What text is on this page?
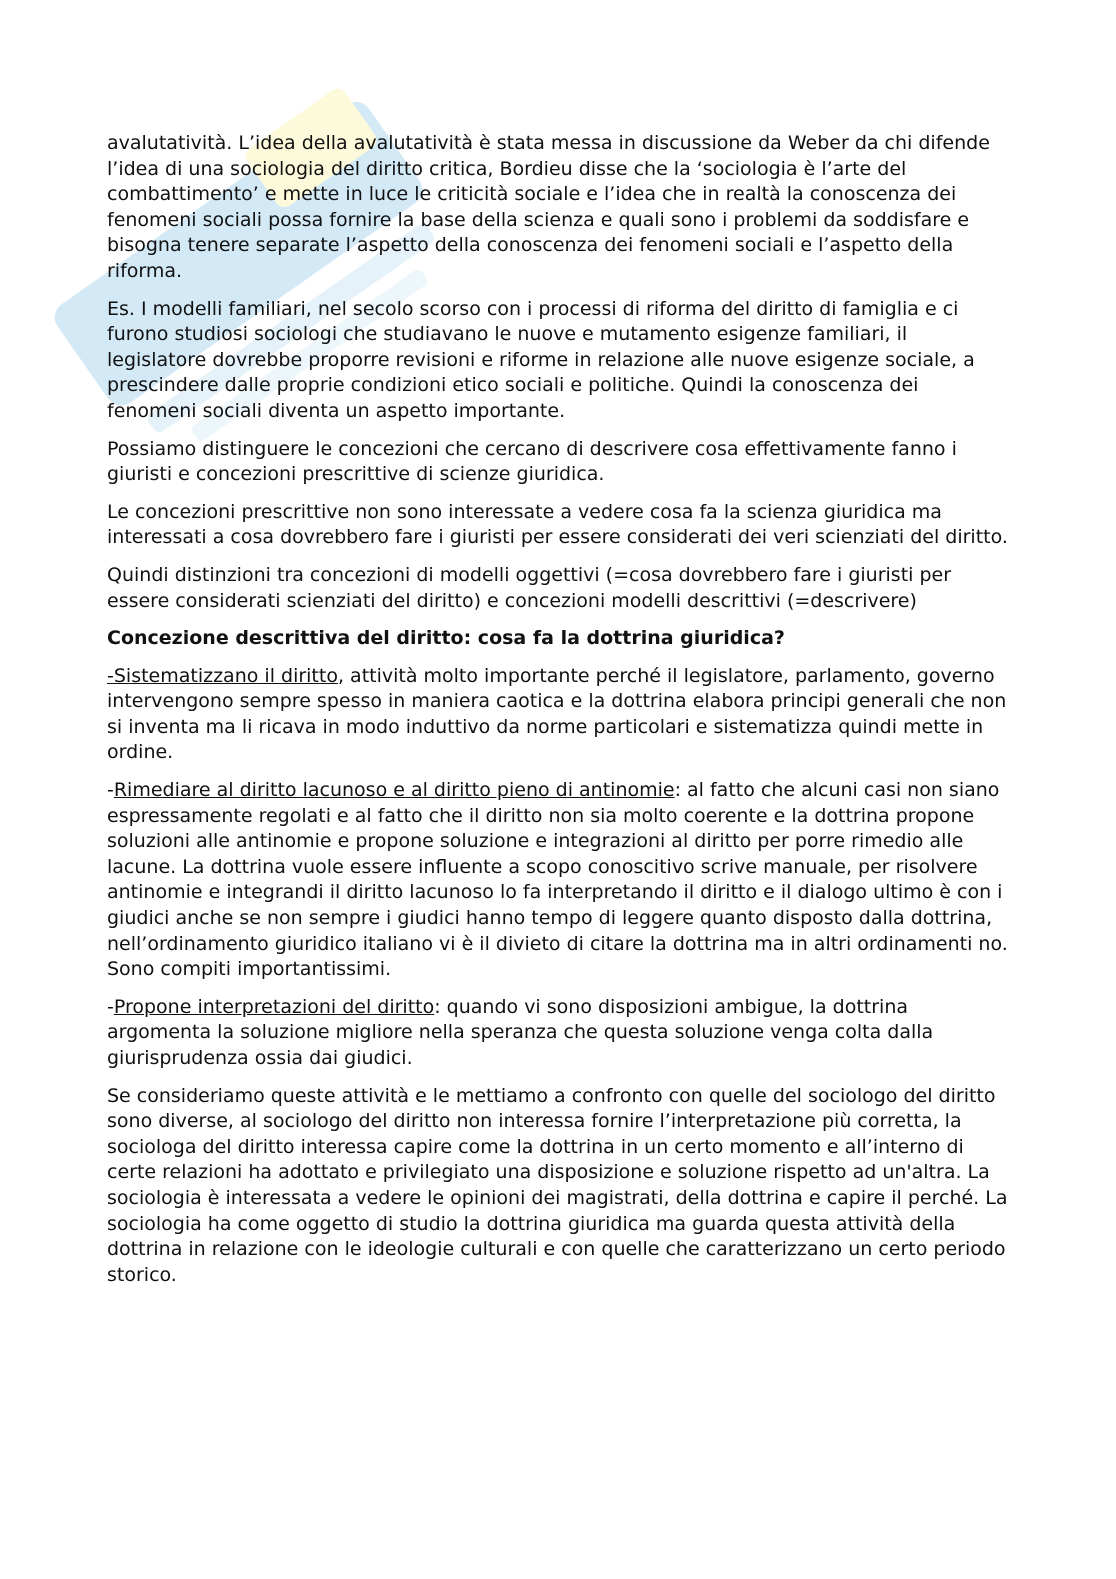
avalutatività. L’idea della avalutatività è stata messa in discussione da Weber da chi difende l’idea di una sociologia del diritto critica, Bordieu disse che la ‘sociologia è l’arte del combattimento’ e mette in luce le criticità sociale e l’idea che in realtà la conoscenza dei fenomeni sociali possa fornire la base della scienza e quali sono i problemi da soddisfare e bisogna tenere separate l’aspetto della conoscenza dei fenomeni sociali e l’aspetto della riforma.

Es. I modelli familiari, nel secolo scorso con i processi di riforma del diritto di famiglia e ci furono studiosi sociologi che studiavano le nuove e mutamento esigenze familiari, il legislatore dovrebbe proporre revisioni e riforme in relazione alle nuove esigenze sociale, a prescindere dalle proprie condizioni etico sociali e politiche. Quindi la conoscenza dei fenomeni sociali diventa un aspetto importante.

Possiamo distinguere le concezioni che cercano di descrivere cosa effettivamente fanno i giuristi e concezioni prescrittive di scienze giuridica.

Le concezioni prescrittive non sono interessate a vedere cosa fa la scienza giuridica ma interessati a cosa dovrebbero fare i giuristi per essere considerati dei veri scienziati del diritto.

Quindi distinzioni tra concezioni di modelli oggettivi (=cosa dovrebbero fare i giuristi per essere considerati scienziati del diritto) e concezioni modelli descrittivi (=descrivere)

Concezione descrittiva del diritto: cosa fa la dottrina giuridica?

-Sistematizzano il diritto, attività molto importante perché il legislatore, parlamento, governo intervengono sempre spesso in maniera caotica e la dottrina elabora principi generali che non si inventa ma li ricava in modo induttivo da norme particolari e sistematizza quindi mette in ordine.

-Rimediare al diritto lacunoso e al diritto pieno di antinomie: al fatto che alcuni casi non siano espressamente regolati e al fatto che il diritto non sia molto coerente e la dottrina propone soluzioni alle antinomie e propone soluzione e integrazioni al diritto per porre rimedio alle lacune. La dottrina vuole essere influente a scopo conoscitivo scrive manuale, per risolvere antinomie e integrandi il diritto lacunoso lo fa interpretando il diritto e il dialogo ultimo è con i giudici anche se non sempre i giudici hanno tempo di leggere quanto disposto dalla dottrina, nell’ordinamento giuridico italiano vi è il divieto di citare la dottrina ma in altri ordinamenti no. Sono compiti importantissimi.

-Propone interpretazioni del diritto: quando vi sono disposizioni ambigue, la dottrina argomenta la soluzione migliore nella speranza che questa soluzione venga colta dalla giurisprudenza ossia dai giudici.

Se consideriamo queste attività e le mettiamo a confronto con quelle del sociologo del diritto sono diverse, al sociologo del diritto non interessa fornire l’interpretazione più corretta, la sociologa del diritto interessa capire come la dottrina in un certo momento e all’interno di certe relazioni ha adottato e privilegiato una disposizione e soluzione rispetto ad un'altra. La sociologia è interessata a vedere le opinioni dei magistrati, della dottrina e capire il perché. La sociologia ha come oggetto di studio la dottrina giuridica ma guarda questa attività della dottrina in relazione con le ideologie culturali e con quelle che caratterizzano un certo periodo storico.
